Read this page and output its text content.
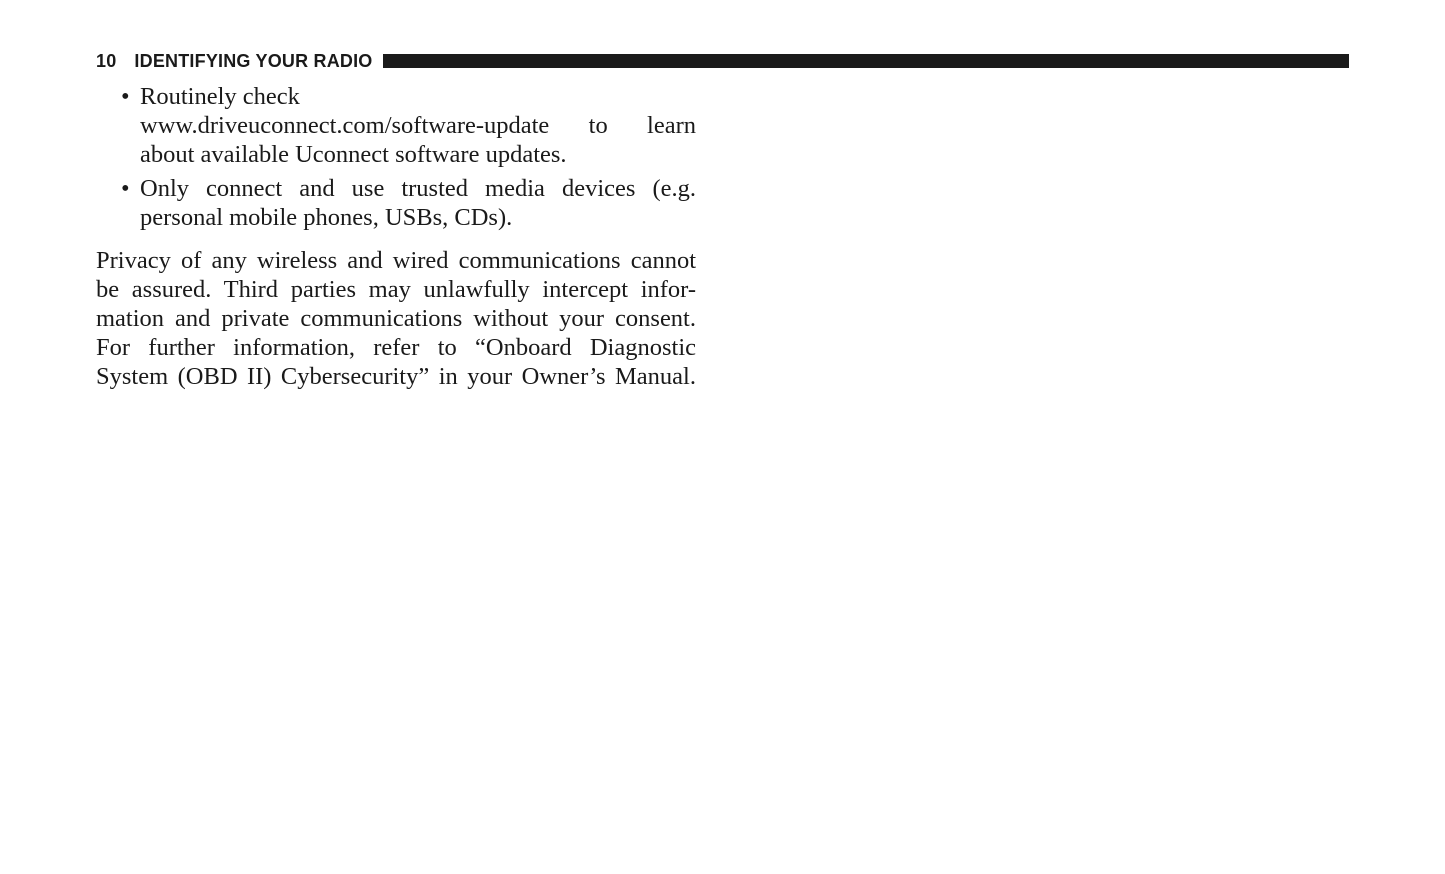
10 IDENTIFYING YOUR RADIO
• Routinely check
www.driveuconnect.com/software-update to learn
about available Uconnect software updates.
• Only connect and use trusted media devices (e.g.
personal mobile phones, USBs, CDs).
Privacy of any wireless and wired communications cannot
be assured. Third parties may unlawfully intercept infor-
mation and private communications without your consent.
For further information, refer to “Onboard Diagnostic
System (OBD II) Cybersecurity” in your Owner’s Manual.
